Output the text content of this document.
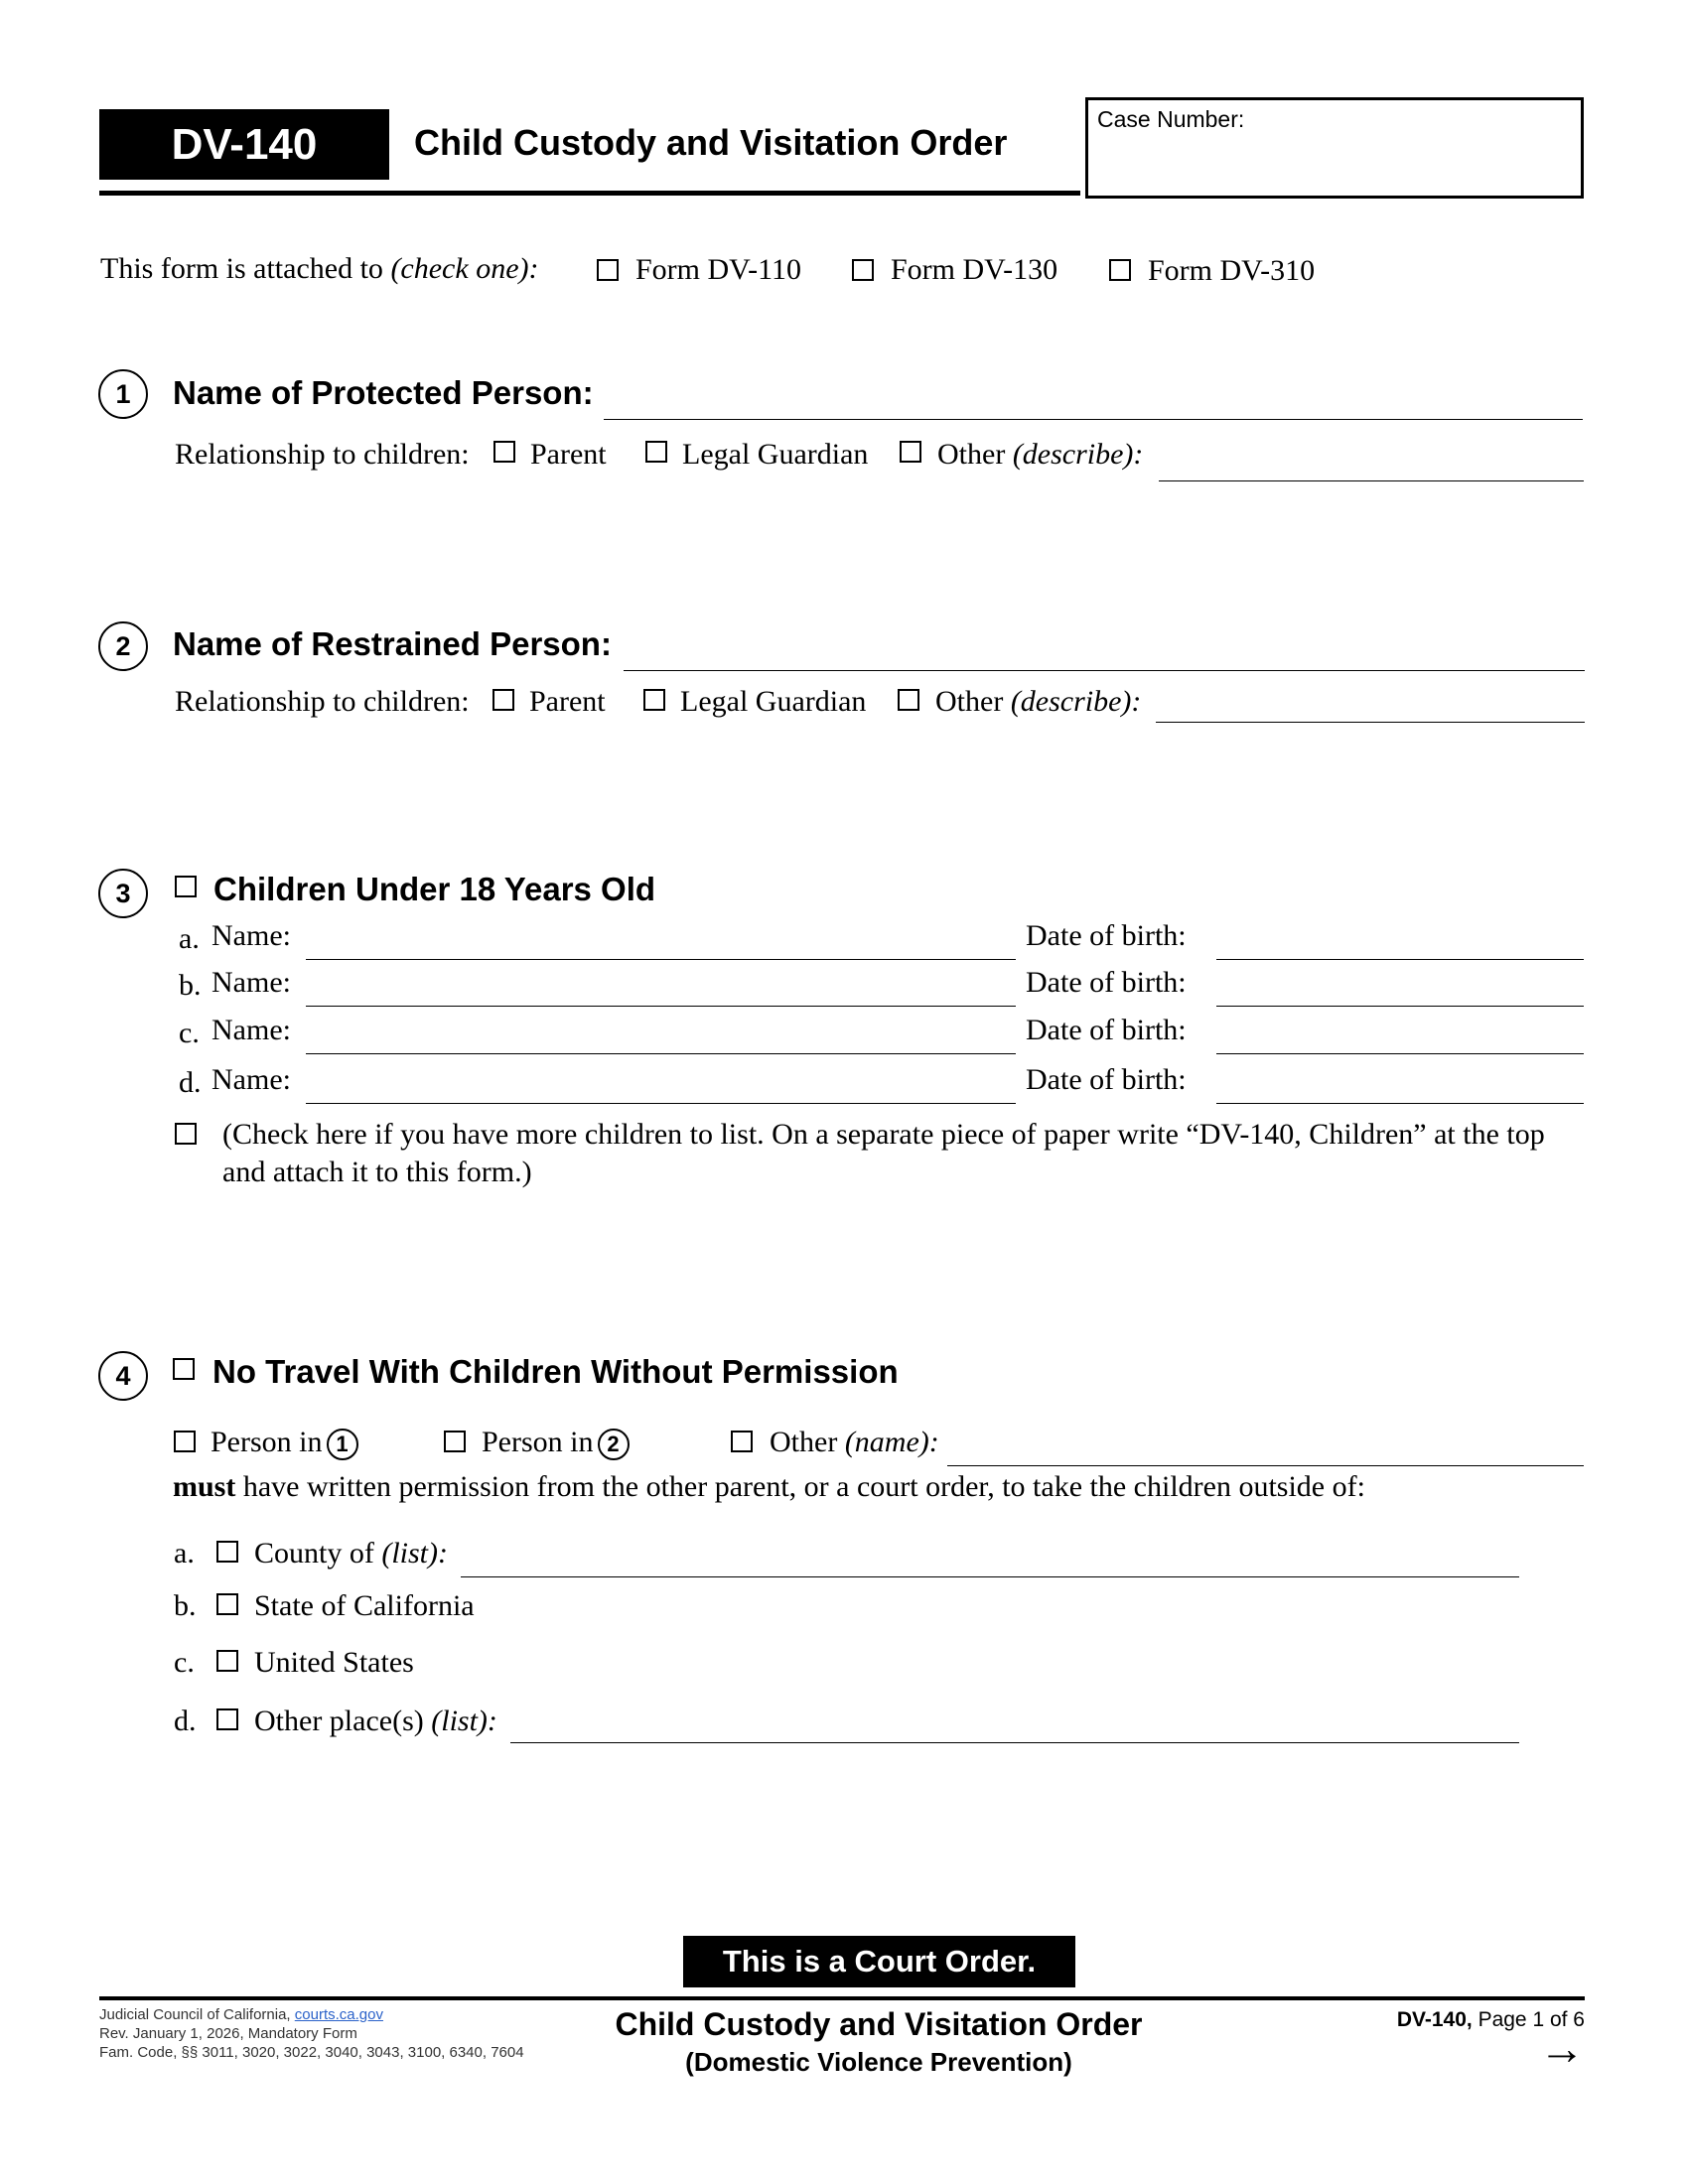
DV-140	Child Custody and Visitation Order
Case Number:
This form is attached to (check one):	Form DV-110	Form DV-130	Form DV-310
1	Name of Protected Person:
Relationship to children: Parent	Legal Guardian Other (describe):
2	Name of Restrained Person:
Relationship to children: Parent	Legal Guardian Other (describe):
3	Children Under 18 Years Old
a. Name:	Date of birth:
b. Name:	Date of birth:
c. Name:	Date of birth:
d. Name:	Date of birth:
(Check here if you have more children to list. On a separate piece of paper write “DV-140, Children” at the top
and attach it to this form.)
4	No Travel With Children Without Permission
Person in 1	Person in 2	Other (name):
must have written permission from the other parent, or a court order, to take the children outside of:
a. County of (list):
b. State of California
c. United States
d. Other place(s) (list):
This is a Court Order.
Judicial Council of California, courts.ca.gov
Rev. January 1, 2026, Mandatory Form
Fam. Code, §§ 3011, 3020, 3022, 3040, 3043, 3100, 6340, 7604
Child Custody and Visitation Order
(Domestic Violence Prevention)
DV-140, Page 1 of 6
→
